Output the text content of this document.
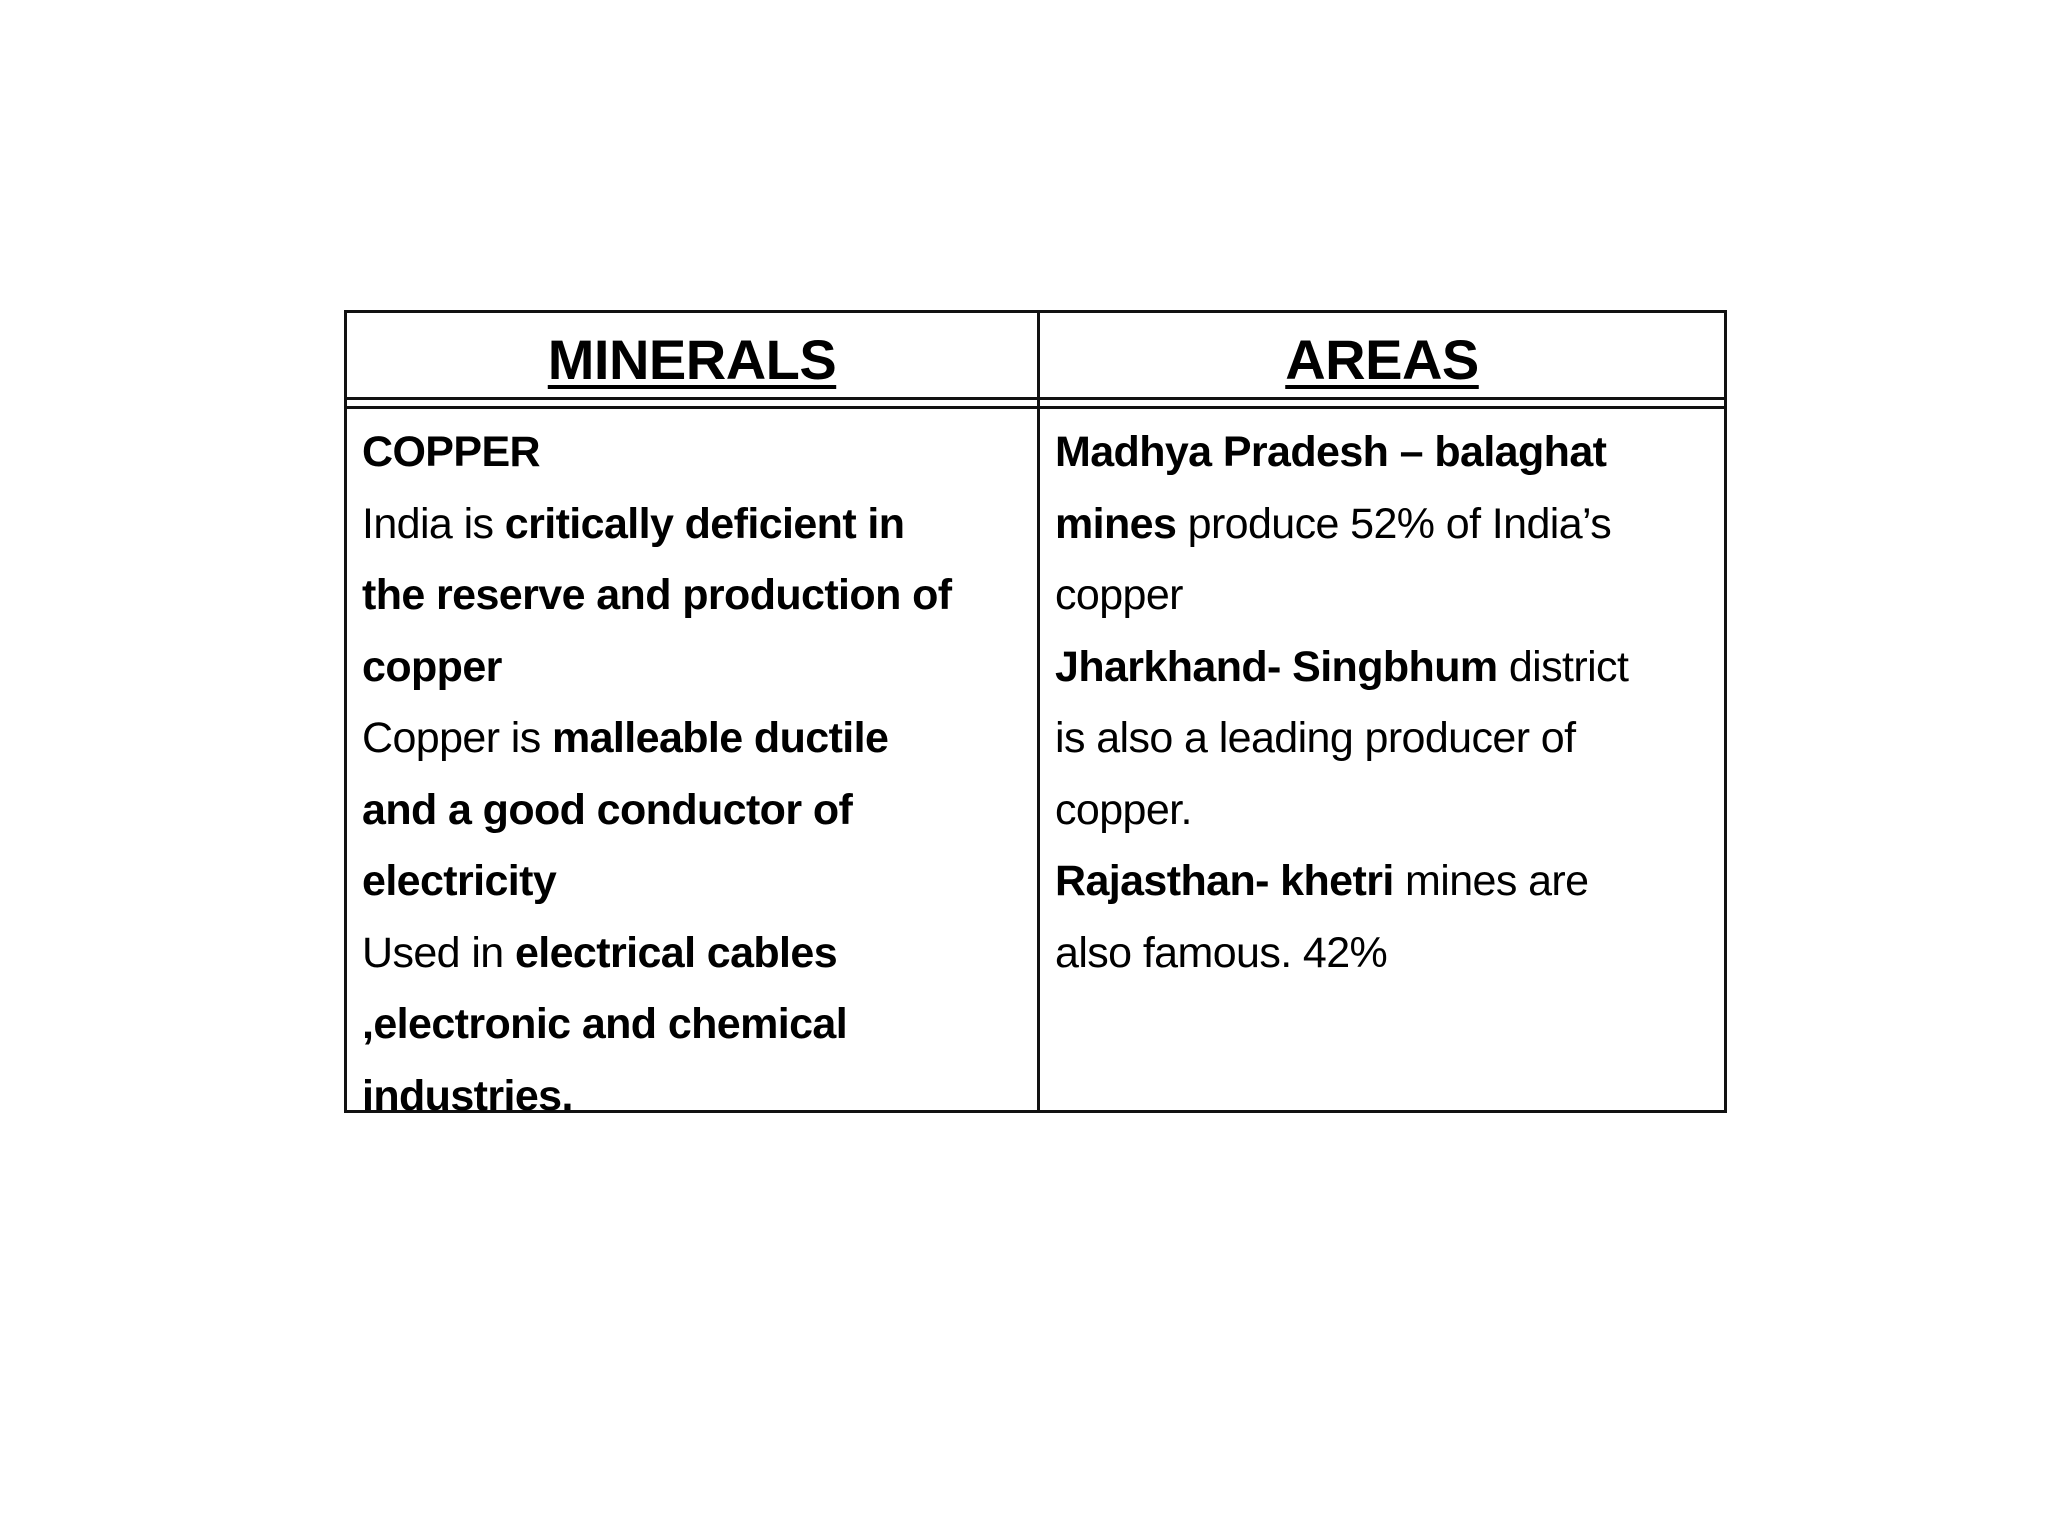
MINERALS	AREAS
COPPER
India is critically deficient in
the reserve and production of
copper
Copper is malleable ductile
and a good conductor of
electricity
Used in electrical cables
,electronic and chemical
industries.
Madhya Pradesh – balaghat
mines produce 52% of India’s
copper
Jharkhand- Singbhum district
is also a leading producer of
copper.
Rajasthan- khetri mines are
also famous. 42%
